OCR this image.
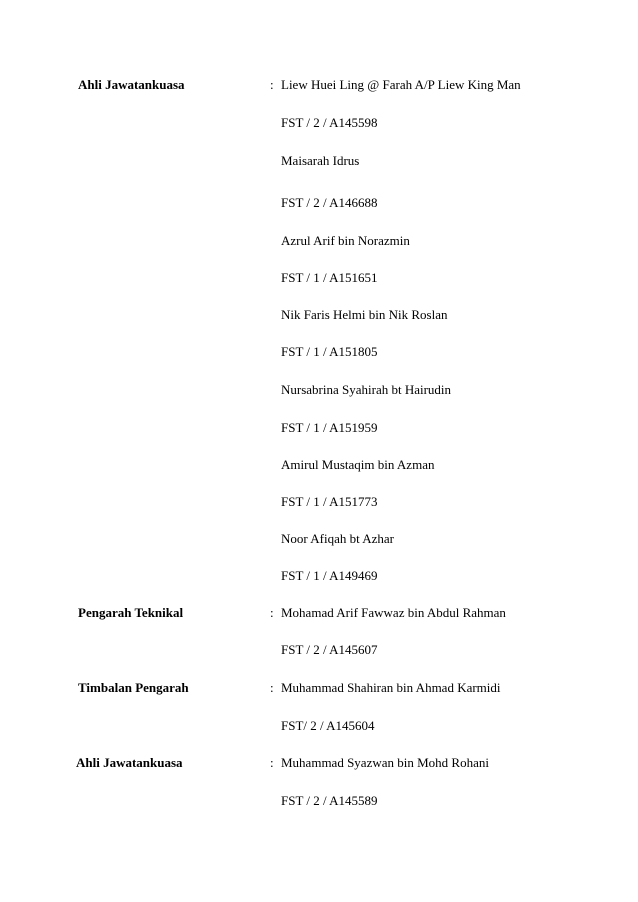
Ahli Jawatankuasa	: Liew Huei Ling @ Farah A/P Liew King Man
FST / 2 / A145598
Maisarah Idrus
FST / 2 / A146688
Azrul Arif bin Norazmin
FST / 1 / A151651
Nik Faris Helmi bin Nik Roslan
FST / 1 / A151805
Nursabrina Syahirah bt Hairudin
FST / 1 / A151959
Amirul Mustaqim bin Azman
FST / 1 / A151773
Noor Afiqah bt Azhar
FST / 1 / A149469
Pengarah Teknikal	: Mohamad Arif Fawwaz bin Abdul Rahman
FST / 2 / A145607
Timbalan Pengarah	: Muhammad Shahiran bin Ahmad Karmidi
FST/ 2 / A145604
Ahli Jawatankuasa	: Muhammad Syazwan bin Mohd Rohani
FST / 2 / A145589
